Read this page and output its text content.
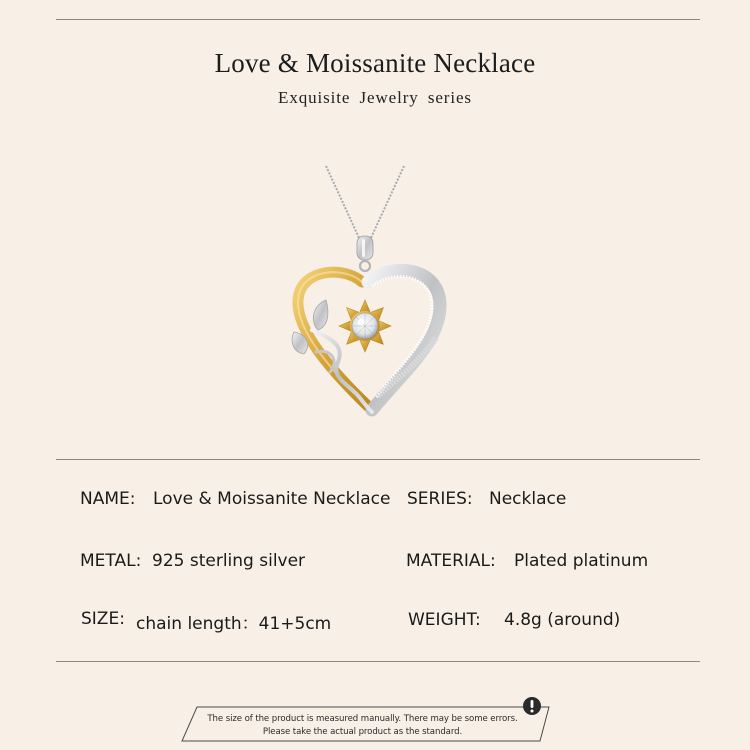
Love & Moissanite Necklace
Exquisite Jewelry series
NAME: Love & Moissanite Necklace
METAL: 925 sterling silver
SIZE: chain length：41+5cm
SERIES: Necklace
MATERIAL: Plated platinum
WEIGHT: 4.8g (around)
The size of the product is measured manually. There may be some errors.
Please take the actual product as the standard.
